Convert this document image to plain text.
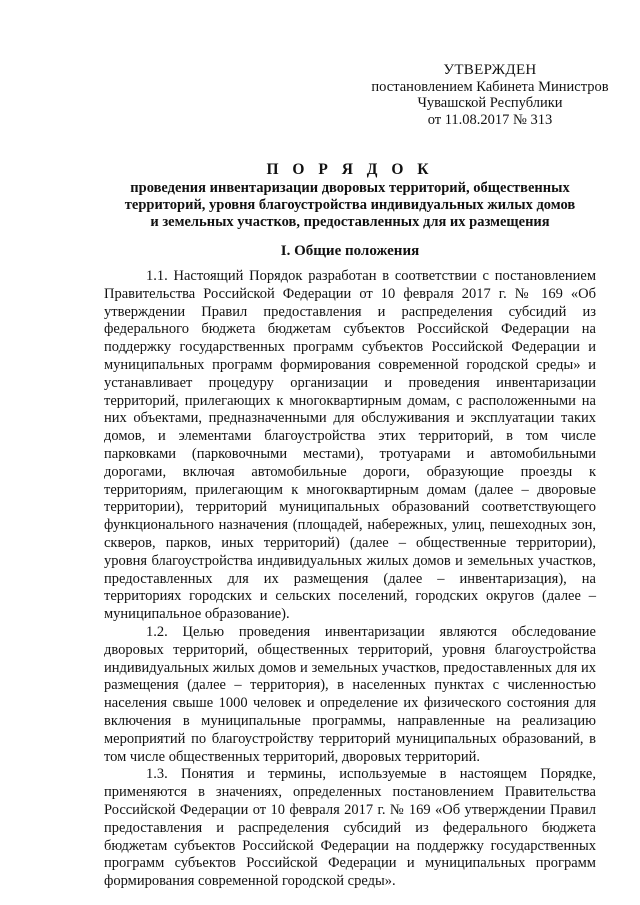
УТВЕРЖДЕН
постановлением Кабинета Министров
Чувашской Республики
от 11.08.2017 № 313
П О Р Я Д О К
проведения инвентаризации дворовых территорий, общественных
территорий, уровня благоустройства индивидуальных жилых домов
и земельных участков, предоставленных для их размещения
I. Общие положения

1.1. Настоящий Порядок разработан в соответствии с постановлением Правительства Российской Федерации от 10 февраля 2017 г. № 169 «Об утверждении Правил предоставления и распределения субсидий из федерального бюджета бюджетам субъектов Российской Федерации на поддержку государственных программ субъектов Российской Федерации и муниципальных программ формирования современной городской среды» и устанавливает процедуру организации и проведения инвентаризации территорий, прилегающих к многоквартирным домам, с расположенными на них объектами, предназначенными для обслуживания и эксплуатации таких домов, и элементами благоустройства этих территорий, в том числе парковками (парковочными местами), тротуарами и автомобильными дорогами, включая автомобильные дороги, образующие проезды к территориям, прилегающим к многоквартирным домам (далее – дворовые территории), территорий муниципальных образований соответствующего функционального назначения (площадей, набережных, улиц, пешеходных зон, скверов, парков, иных территорий) (далее – общественные территории), уровня благоустройства индивидуальных жилых домов и земельных участков, предоставленных для их размещения (далее – инвентаризация), на территориях городских и сельских поселений, городских округов (далее – муниципальное образование).

1.2. Целью проведения инвентаризации являются обследование дворовых территорий, общественных территорий, уровня благоустройства индивидуальных жилых домов и земельных участков, предоставленных для их размещения (далее – территория), в населенных пунктах с численностью населения свыше 1000 человек и определение их физического состояния для включения в муниципальные программы, направленные на реализацию мероприятий по благоустройству территорий муниципальных образований, в том числе общественных территорий, дворовых территорий.

1.3. Понятия и термины, используемые в настоящем Порядке, применяются в значениях, определенных постановлением Правительства Российской Федерации от 10 февраля 2017 г. № 169 «Об утверждении Правил предоставления и распределения субсидий из федерального бюджета бюджетам субъектов Российской Федерации на поддержку государственных программ субъектов Российской Федерации и муниципальных программ формирования современной городской среды».
